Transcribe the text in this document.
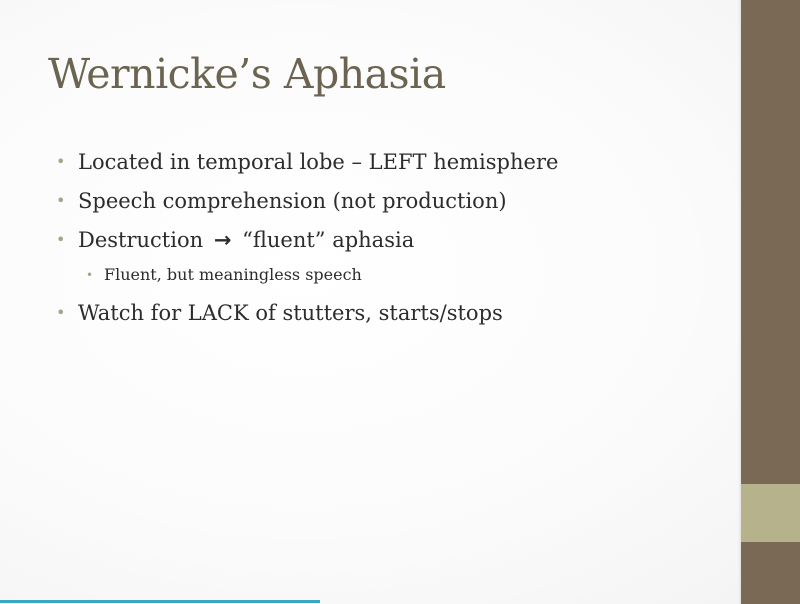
Wernicke’s Aphasia
• Located in temporal lobe – LEFT hemisphere
• Speech comprehension (not production)
• Destruction → “fluent” aphasia
• Fluent, but meaningless speech
• Watch for LACK of stutters, starts/stops
